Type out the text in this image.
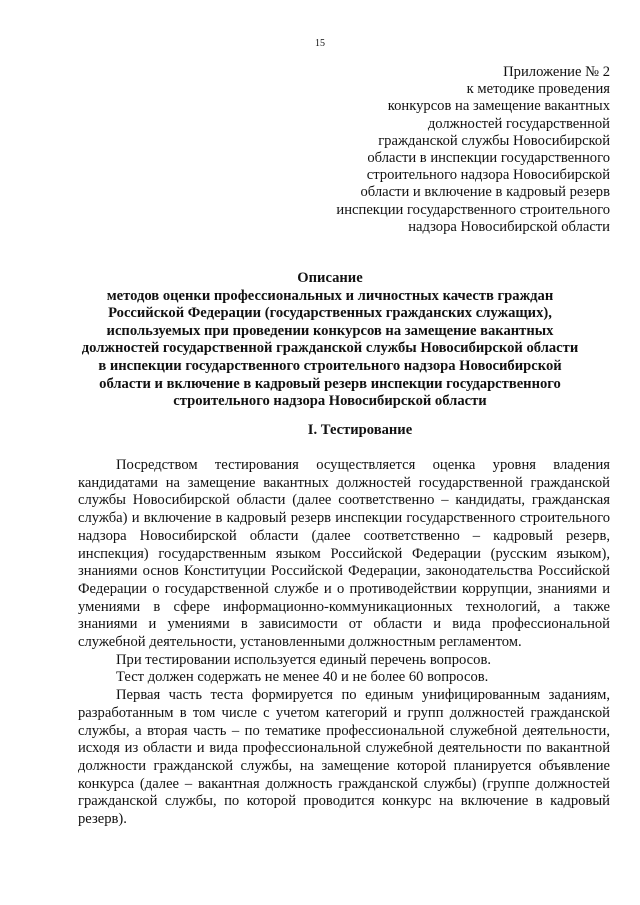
15
Приложение № 2
к методике проведения
конкурсов на замещение вакантных
должностей государственной
гражданской службы Новосибирской
области в инспекции государственного
строительного надзора Новосибирской
области и включение в кадровый резерв
инспекции государственного строительного
надзора Новосибирской области
Описание
методов оценки профессиональных и личностных качеств граждан
Российской Федерации (государственных гражданских служащих),
используемых при проведении конкурсов на замещение вакантных
должностей государственной гражданской службы Новосибирской области
в инспекции государственного строительного надзора Новосибирской
области и включение в кадровый резерв инспекции государственного
строительного надзора Новосибирской области
I. Тестирование

Посредством тестирования осуществляется оценка уровня владения кандидатами на замещение вакантных должностей государственной гражданской службы Новосибирской области (далее соответственно – кандидаты, гражданская служба) и включение в кадровый резерв инспекции государственного строительного надзора Новосибирской области (далее соответственно – кадровый резерв, инспекция) государственным языком Российской Федерации (русским языком), знаниями основ Конституции Российской Федерации, законодательства Российской Федерации о государственной службе и о противодействии коррупции, знаниями и умениями в сфере информационно-коммуникационных технологий, а также знаниями и умениями в зависимости от области и вида профессиональной служебной деятельности, установленными должностным регламентом.

При тестировании используется единый перечень вопросов.

Тест должен содержать не менее 40 и не более 60 вопросов.

Первая часть теста формируется по единым унифицированным заданиям, разработанным в том числе с учетом категорий и групп должностей гражданской службы, а вторая часть – по тематике профессиональной служебной деятельности, исходя из области и вида профессиональной служебной деятельности по вакантной должности гражданской службы, на замещение которой планируется объявление конкурса (далее – вакантная должность гражданской службы) (группе должностей гражданской службы, по которой проводится конкурс на включение в кадровый резерв).
